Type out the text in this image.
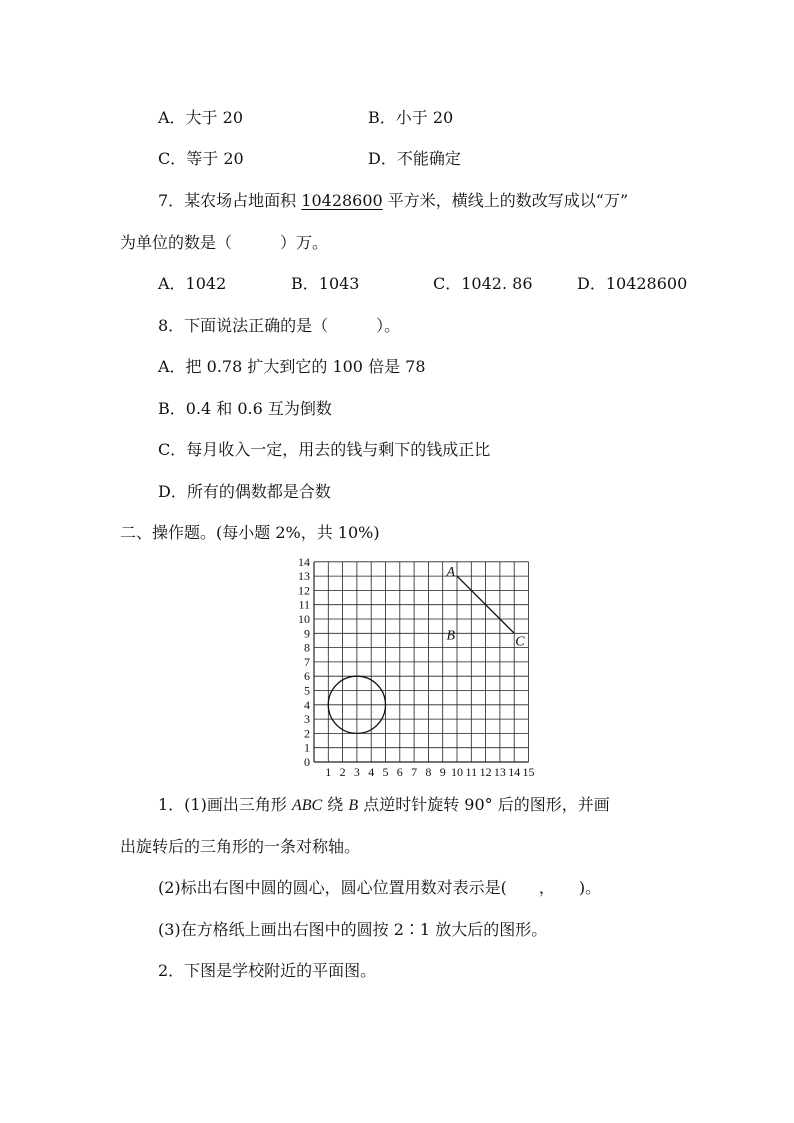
A．大于 20	B．小于 20
C．等于 20	D．不能确定
7．某农场占地面积 10428600 平方米，横线上的数改写成以“万”
为单位的数是（　　　）万。
A．1042	B．1043	C．1042. 86	D．10428600
8．下面说法正确的是（　　　）。
A．把 0.78 扩大到它的 100 倍是 78
B．0.4 和 0.6 互为倒数
C．每月收入一定，用去的钱与剩下的钱成正比
D．所有的偶数都是合数
二、操作题。(每小题 2%，共 10%)
1 2 3 4 5 6 7 8 9 10 11 12 13 14 15
0
1
2
3
4
5
6
7
8
9
10
11
12
13
14
A
B	C
1．(1)画出三角形 ABC 绕 B 点逆时针旋转 90° 后的图形，并画
出旋转后的三角形的一条对称轴。
(2)标出右图中圆的圆心，圆心位置用数对表示是(　　，　　)。
(3)在方格纸上画出右图中的圆按 2∶1 放大后的图形。
2．下图是学校附近的平面图。
